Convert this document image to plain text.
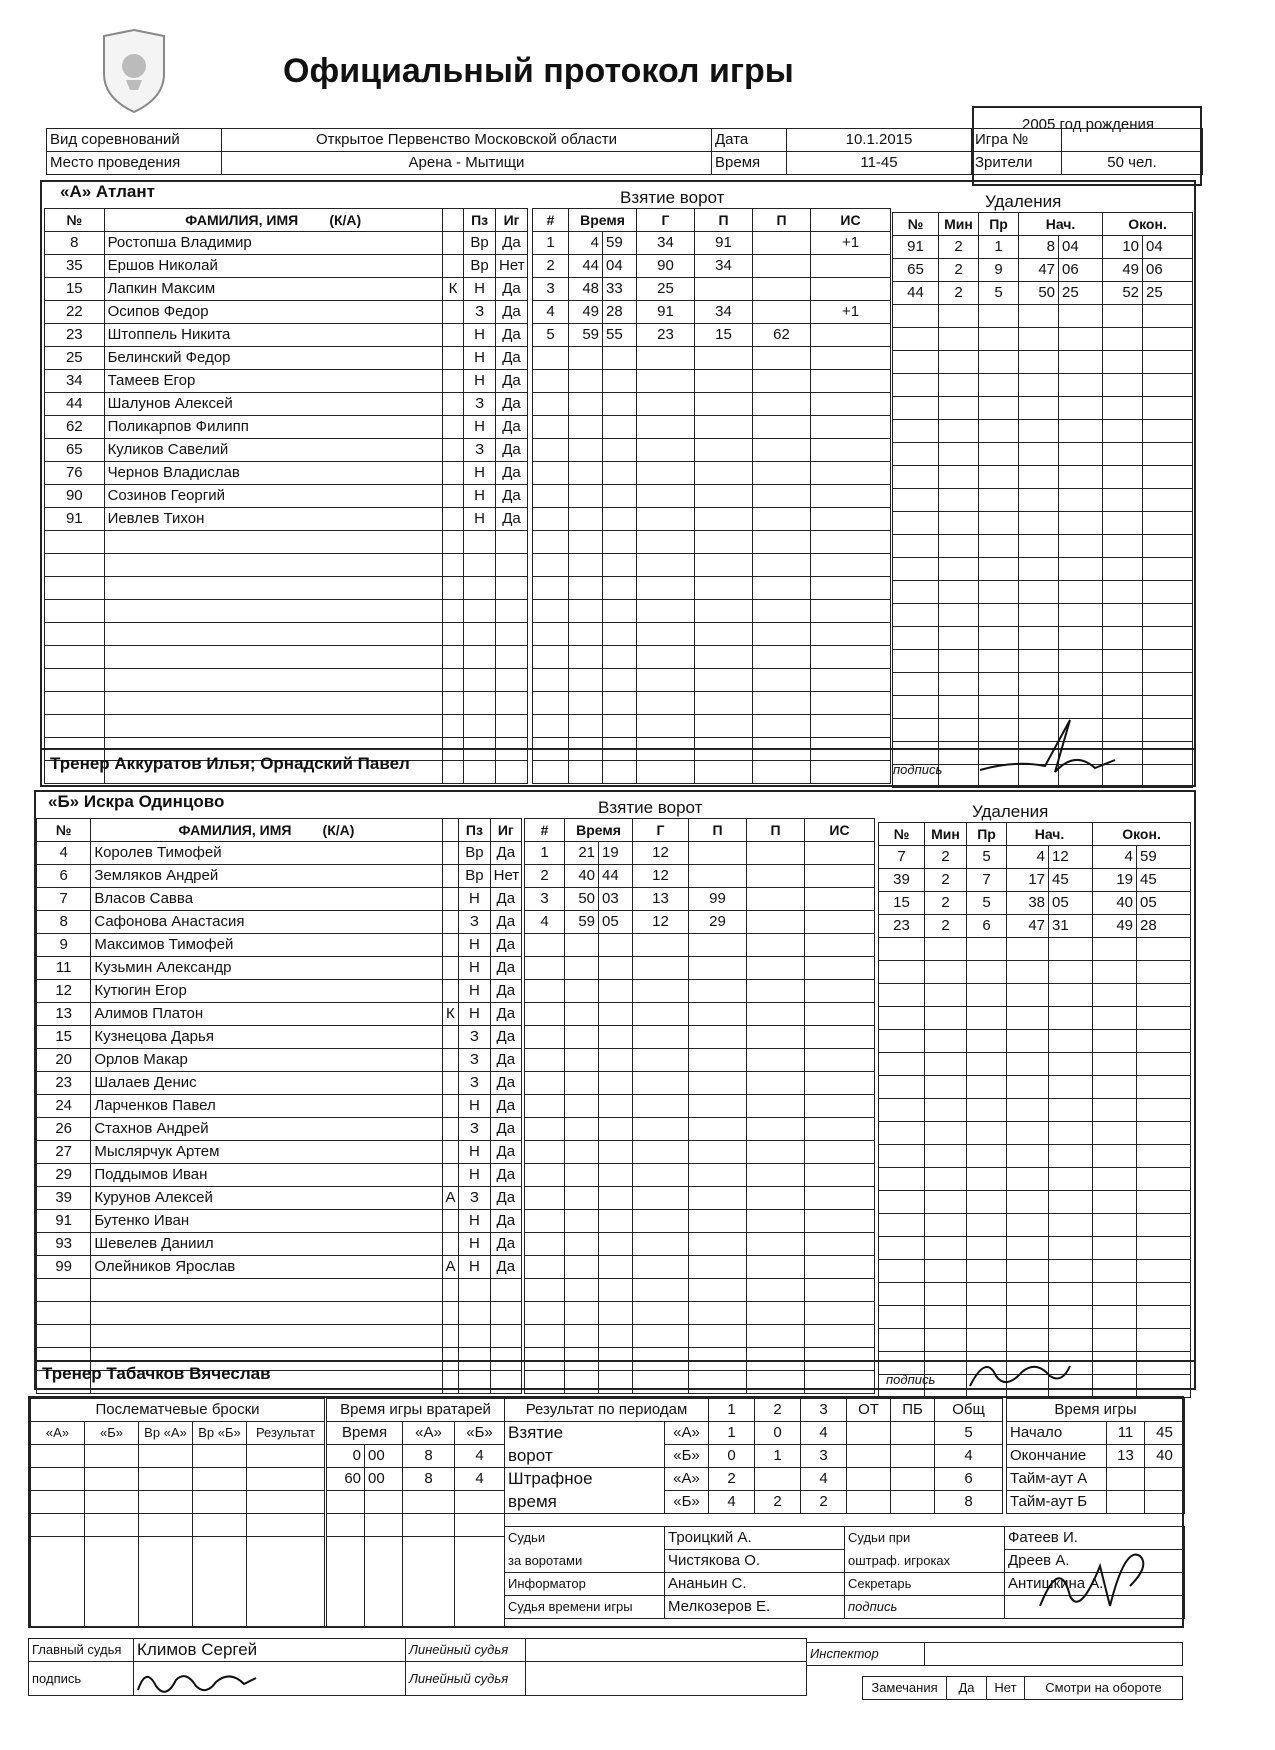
Официальный протокол игры
2005 год рождения
Вид соревнований	Открытое Первенство Московской области	Дата	10.1.2015	Игра №	
Место проведения	Арена - Мытищи	Время	11-45	Зрители	50 чел.
«А» Атлант	Взятие ворот	Удаления
№	ФАМИЛИЯ, ИМЯ (К/А)		Пз	Иг
8	Ростопша Владимир		Вр	Да
35	Ершов Николай		Вр	Нет
15	Лапкин Максим	К	Н	Да
22	Осипов Федор		З	Да
23	Штоппель Никита		Н	Да
25	Белинский Федор		Н	Да
34	Тамеев Егор		Н	Да
44	Шалунов Алексей		З	Да
62	Поликарпов Филипп		Н	Да
65	Куликов Савелий		З	Да
76	Чернов Владислав		Н	Да
90	Созинов Георгий		Н	Да
91	Иевлев Тихон		Н	Да

#	Время		Г	П	П	ИС
1	4	59	34	91		+1
2	44	04	90	34		
3	48	33	25			
4	49	28	91	34		+1
5	59	55	23	15	62	

№	Мин	Пр	Нач.		Окон.	
91	2	1	8	04	10	04
65	2	9	47	06	49	06
44	2	5	50	25	52	25

Тренер Аккуратов Илья; Орнадский Павел	подпись
«Б» Искра Одинцово	Взятие ворот	Удаления
№	ФАМИЛИЯ, ИМЯ (К/А)		Пз	Иг
4	Королев Тимофей		Вр	Да
6	Земляков Андрей		Вр	Нет
7	Власов Савва		Н	Да
8	Сафонова Анастасия		З	Да
9	Максимов Тимофей		Н	Да
11	Кузьмин Александр		Н	Да
12	Кутюгин Егор		Н	Да
13	Алимов Платон	К	Н	Да
15	Кузнецова Дарья		З	Да
20	Орлов Макар		З	Да
23	Шалаев Денис		З	Да
24	Ларченков Павел		Н	Да
26	Стахнов Андрей		З	Да
27	Мыслярчук Артем		Н	Да
29	Поддымов Иван		Н	Да
39	Курунов Алексей	А	З	Да
91	Бутенко Иван		Н	Да
93	Шевелев Даниил		Н	Да
99	Олейников Ярослав	А	Н	Да

#	Время		Г	П	П	ИС
1	21	19	12			
2	40	44	12			
3	50	03	13	99		
4	59	05	12	29		

№	Мин	Пр	Нач.		Окон.	
7	2	5	4	12	4	59
39	2	7	17	45	19	45
15	2	5	38	05	40	05
23	2	6	47	31	49	28

Тренер Табачков Вячеслав	подпись
Послематчевые броски				
«А»	«Б»	Вр «А»	Вр «Б»	Результат

Время игры вратарей			
Время		«А»	«Б»
0	00	8	4
60	00	8	4

Результат по периодам		1	2	3	ОТ	ПБ	Общ
Взятие	«А»	1	0	4			5
ворот	«Б»	0	1	3			4
Штрафное	«А»	2		4			6
время	«Б»	4	2	2			8
Время игры		
Начало	11	45
Окончание	13	40
Тайм-аут А		
Тайм-аут Б		
Судьи	Троицкий А.	Судьи при	Фатеев И.
за воротами	Чистякова О.	оштраф. игроках	Дреев А.
Информатор	Ананьин С.	Секретарь	Антишкина А.
Судья времени игры	Мелкозеров Е.	подпись	
Главный судья	Климов Сергей	Линейный судья	
подпись		Линейный судья	
Инспектор	
Замечания	Да	Нет	Смотри на обороте
